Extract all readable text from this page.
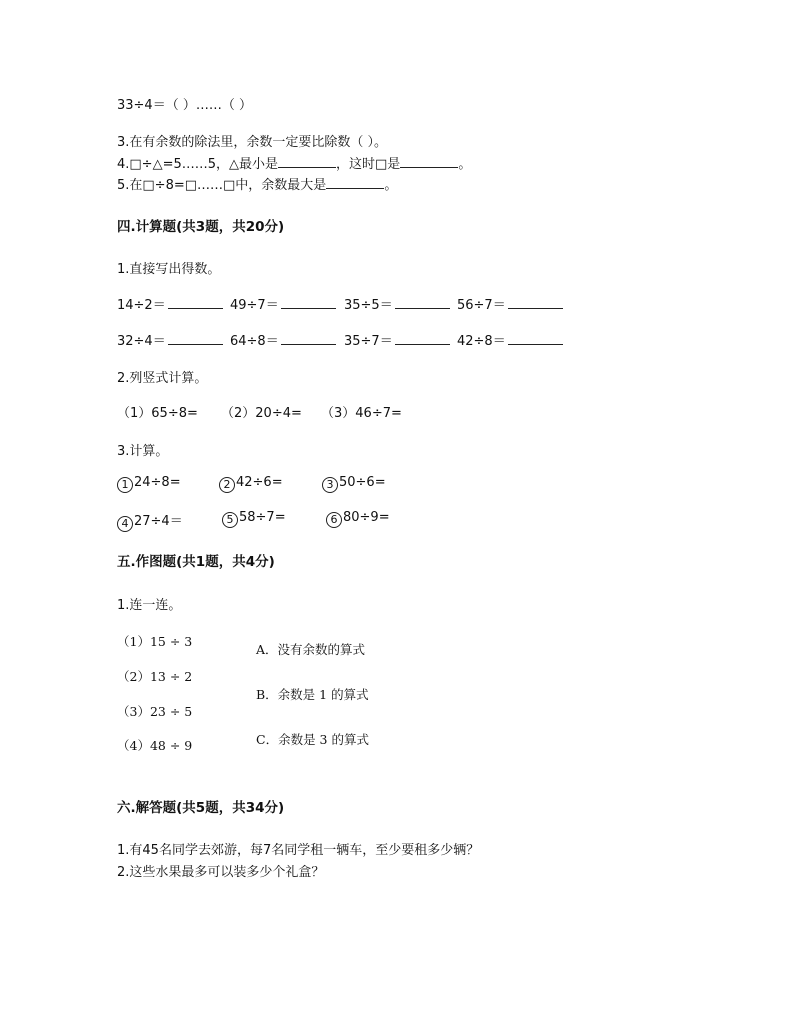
33÷4＝（ ）……（ ）
3.在有余数的除法里，余数一定要比除数（ ）。
4.□÷△=5……5，△最小是	，这时□是	。
5.在□÷8=□……□中，余数最大是	。
四.计算题(共3题，共20分)
1.直接写出得数。
14÷2＝	49÷7＝	35÷5＝	56÷7＝
32÷4＝	64÷8＝	35÷7＝	42÷8＝
2.列竖式计算。
（1）65÷8= （2）20÷4= （3）46÷7=
3.计算。
1 24÷8=	2 42÷6=	3 50÷6=
4 27÷4＝	5 58÷7=	6 80÷9=
五.作图题(共1题，共4分)
1.连一连。
（1）15 ÷ 3
（2）13 ÷ 2
（3）23 ÷ 5
（4）48 ÷ 9
A．没有余数的算式
B．余数是 1 的算式
C．余数是 3 的算式
六.解答题(共5题，共34分)
1.有45名同学去郊游，每7名同学租一辆车，至少要租多少辆？
2.这些水果最多可以装多少个礼盒？
